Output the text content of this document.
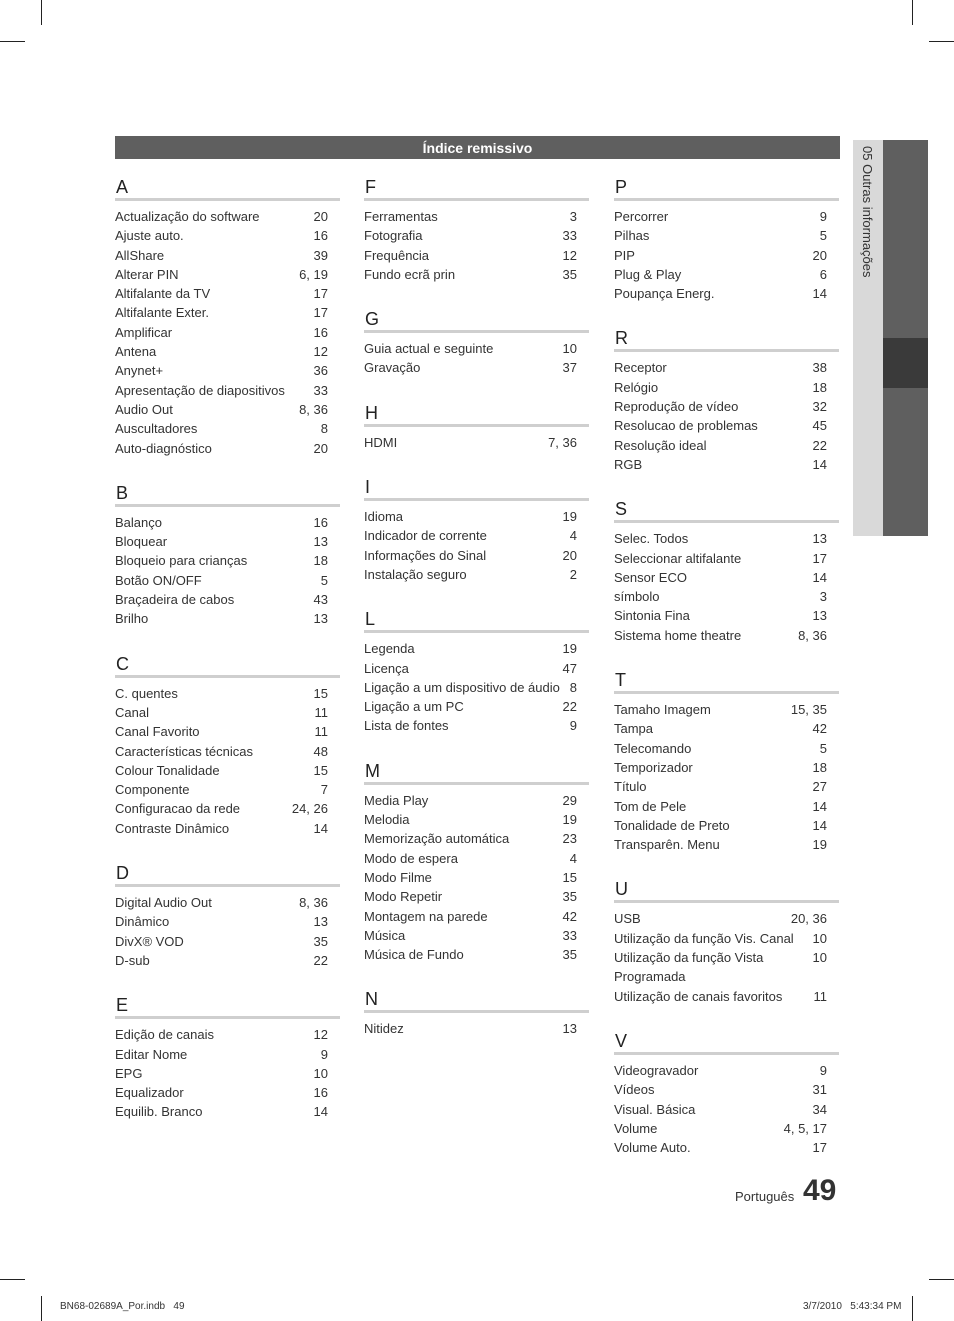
Índice remissivo	05 Outras informações
A
Actualização do software	20
Ajuste auto.	16
AllShare	39
Alterar PIN	6, 19
Altifalante da TV	17
Altifalante Exter.	17
Amplificar	16
Antena	12
Anynet+	36
Apresentação de diapositivos	33
Audio Out	8, 36
Auscultadores	8
Auto-diagnóstico	20
B
Balanço	16
Bloquear	13
Bloqueio para crianças	18
Botão ON/OFF	5
Braçadeira de cabos	43
Brilho	13
C
C. quentes	15
Canal	11
Canal Favorito	11
Características técnicas	48
Colour Tonalidade	15
Componente	7
Configuracao da rede	24, 26
Contraste Dinâmico	14
D
Digital Audio Out	8, 36
Dinâmico	13
DivX® VOD	35
D-sub	22
E
Edição de canais	12
Editar Nome	9
EPG	10
Equalizador	16
Equilib. Branco	14
F
Ferramentas	3
Fotografia	33
Frequência	12
Fundo ecrã prin	35
G
Guia actual e seguinte	10
Gravação	37
H
HDMI	7, 36
I
Idioma	19
Indicador de corrente	4
Informações do Sinal	20
Instalação seguro	2
L
Legenda	19
Licença	47
Ligação a um dispositivo de áudio 8
Ligação a um PC	22
Lista de fontes	9
M
Media Play	29
Melodia	19
Memorização automática	23
Modo de espera	4
Modo Filme	15
Modo Repetir	35
Montagem na parede	42
Música	33
Música de Fundo	35
N
Nitidez	13
P
Percorrer	9
Pilhas	5
PIP	20
Plug & Play	6
Poupança Energ.	14
R
Receptor	38
Relógio	18
Reprodução de vídeo	32
Resolucao de problemas	45
Resolução ideal	22
RGB	14
S
Selec. Todos	13
Seleccionar altifalante	17
Sensor ECO	14
símbolo	3
Sintonia Fina	13
Sistema home theatre	8, 36
T
Tamaho Imagem	15, 35
Tampa	42
Telecomando	5
Temporizador	18
Título	27
Tom de Pele	14
Tonalidade de Preto	14
Transparên. Menu	19
U
USB	20, 36
Utilização da função Vis. Canal	10
Utilização da função Vista Programada
10
Utilização de canais favoritos	11
V
Videogravador	9
Vídeos	31
Visual. Básica	34
Volume	4, 5, 17
Volume Auto.	17
Português 49
BN68-02689A_Por.indb   49	3/7/2010   5:43:34 PM
